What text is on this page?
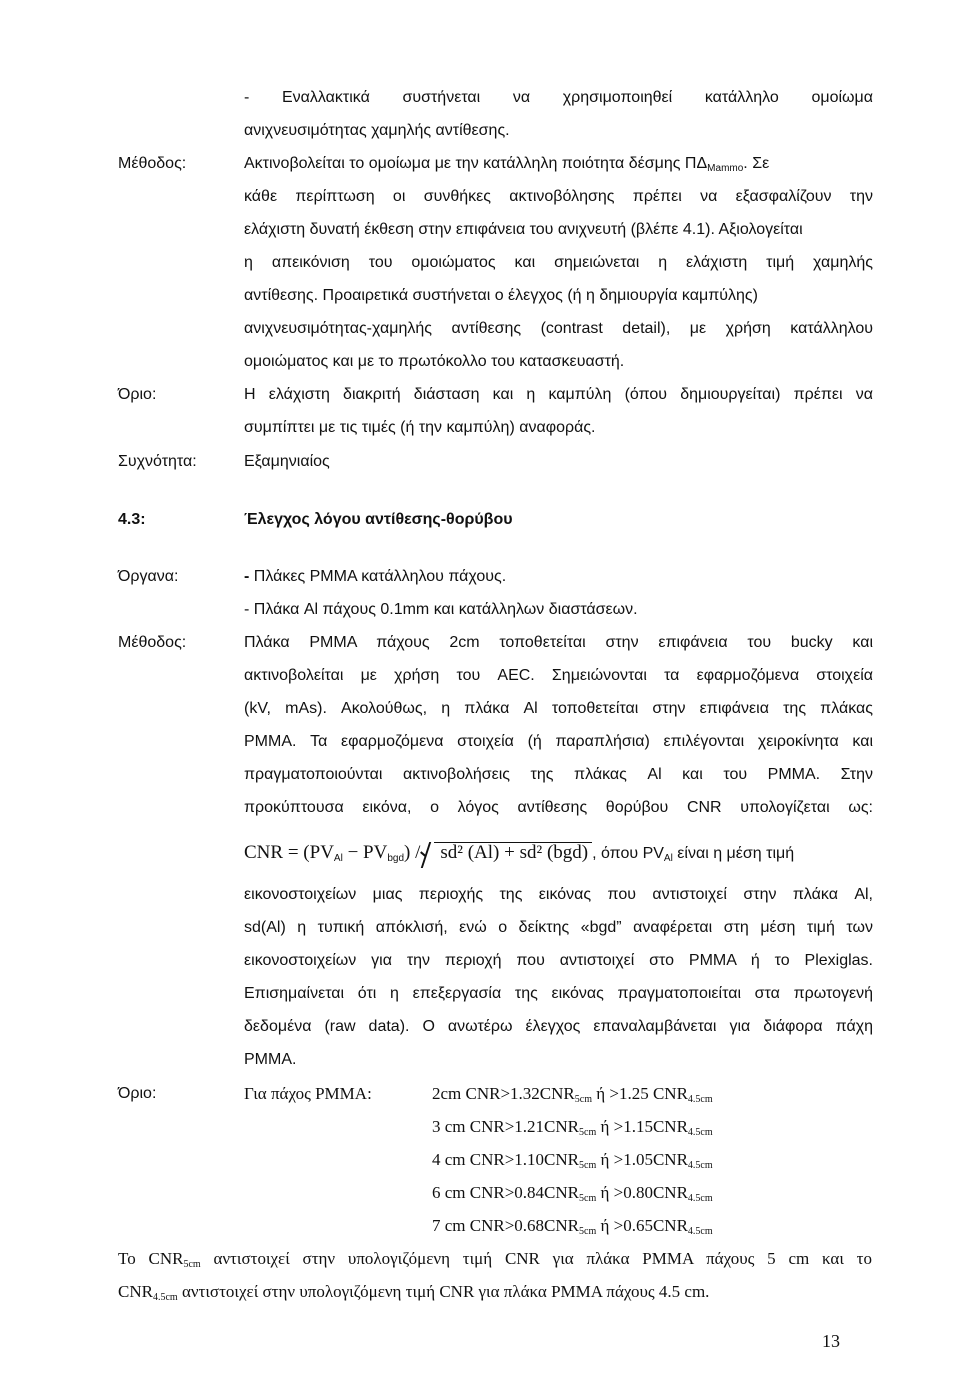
- Εναλλακτικά συστήνεται να χρησιμοποιηθεί κατάλληλο ομοίωμα
ανιχνευσιμότητας χαμηλής αντίθεσης.
Μέθοδος:	Ακτινοβολείται το ομοίωμα με την κατάλληλη ποιότητα δέσμης $\Pi\Delta_{Mammo}$. Σε
κάθε περίπτωση οι συνθήκες ακτινοβόλησης πρέπει να εξασφαλίζουν την
ελάχιστη δυνατή έκθεση στην επιφάνεια του ανιχνευτή (βλέπε 4.1). Αξιολογείται
η απεικόνιση του ομοιώματος και σημειώνεται η ελάχιστη τιμή χαμηλής
αντίθεσης. Προαιρετικά συστήνεται ο έλεγχος (ή η δημιουργία καμπύλης)
ανιχνευσιμότητας-χαμηλής αντίθεσης (contrast detail), με χρήση κατάλληλου
ομοιώματος και με το πρωτόκολλο του κατασκευαστή.
Όριο:	Η ελάχιστη διακριτή διάσταση και η καμπύλη (όπου δημιουργείται) πρέπει να
συμπίπτει με τις τιμές (ή την καμπύλη) αναφοράς.
Συχνότητα:	Εξαμηνιαίος
4.3:	Έλεγχος λόγου αντίθεσης-θορύβου
Όργανα:	- Πλάκες PMMA κατάλληλου πάχους.
- Πλάκα Al πάχους 0.1mm και κατάλληλων διαστάσεων.
Μέθοδος:	Πλάκα PMMA πάχους 2cm τοποθετείται στην επιφάνεια του bucky και
ακτινοβολείται με χρήση του AEC. Σημειώνονται τα εφαρμοζόμενα στοιχεία
(kV, mAs). Ακολούθως, η πλάκα Al τοποθετείται στην επιφάνεια της πλάκας
PMMA. Τα εφαρμοζόμενα στοιχεία (ή παραπλήσια) επιλέγονται χειροκίνητα και
πραγματοποιούνται ακτινοβολήσεις της πλάκας Al και του PMMA. Στην
προκύπτουσα εικόνα, ο λόγος αντίθεσης θορύβου CNR υπολογίζεται ως:
CNR = $(PV_{Al} - PV_{bgd}) / sd^2$ (Al) + sd² (bgd) , όπου $PV_{Al}$ είναι η μέση τιμή
εικονοστοιχείων μιας περιοχής της εικόνας που αντιστοιχεί στην πλάκα Al,
sd(Al) η τυπική απόκλισή, ενώ ο δείκτης «bgd” αναφέρεται στη μέση τιμή των
εικονοστοιχείων για την περιοχή που αντιστοιχεί στο PMMA ή το Plexiglas.
Επισημαίνεται ότι η επεξεργασία της εικόνας πραγματοποιείται στα πρωτογενή
δεδομένα (raw data). Ο ανωτέρω έλεγχος επαναλαμβάνεται για διάφορα πάχη
PMMA.
Όριο:	Για πάχος PMMA:	2cm $CNR>1.32CNR_{5cm}$ ή >1.25 $CNR_{4.5cm}$
3 cm $CNR>1.21CNR_{5cm}$ $ή >1.15CNR_{4.5cm}$
4 cm $CNR>1.10CNR_{5cm}$ $ή >1.05CNR_{4.5cm}$
6 cm $CNR>0.84CNR_{5cm}$ $ή >0.80CNR_{4.5cm}$
7 cm $CNR>0.68CNR_{5cm}$ $ή >0.65CNR_{4.5cm}$
Το $CNR_{5cm}$ αντιστοιχεί στην υπολογιζόμενη τιμή CNR για πλάκα PMMA πάχους 5 cm και το
$CNR_{4.5cm}$ αντιστοιχεί στην υπολογιζόμενη τιμή CNR για πλάκα PMMA πάχους 4.5 cm.
13
